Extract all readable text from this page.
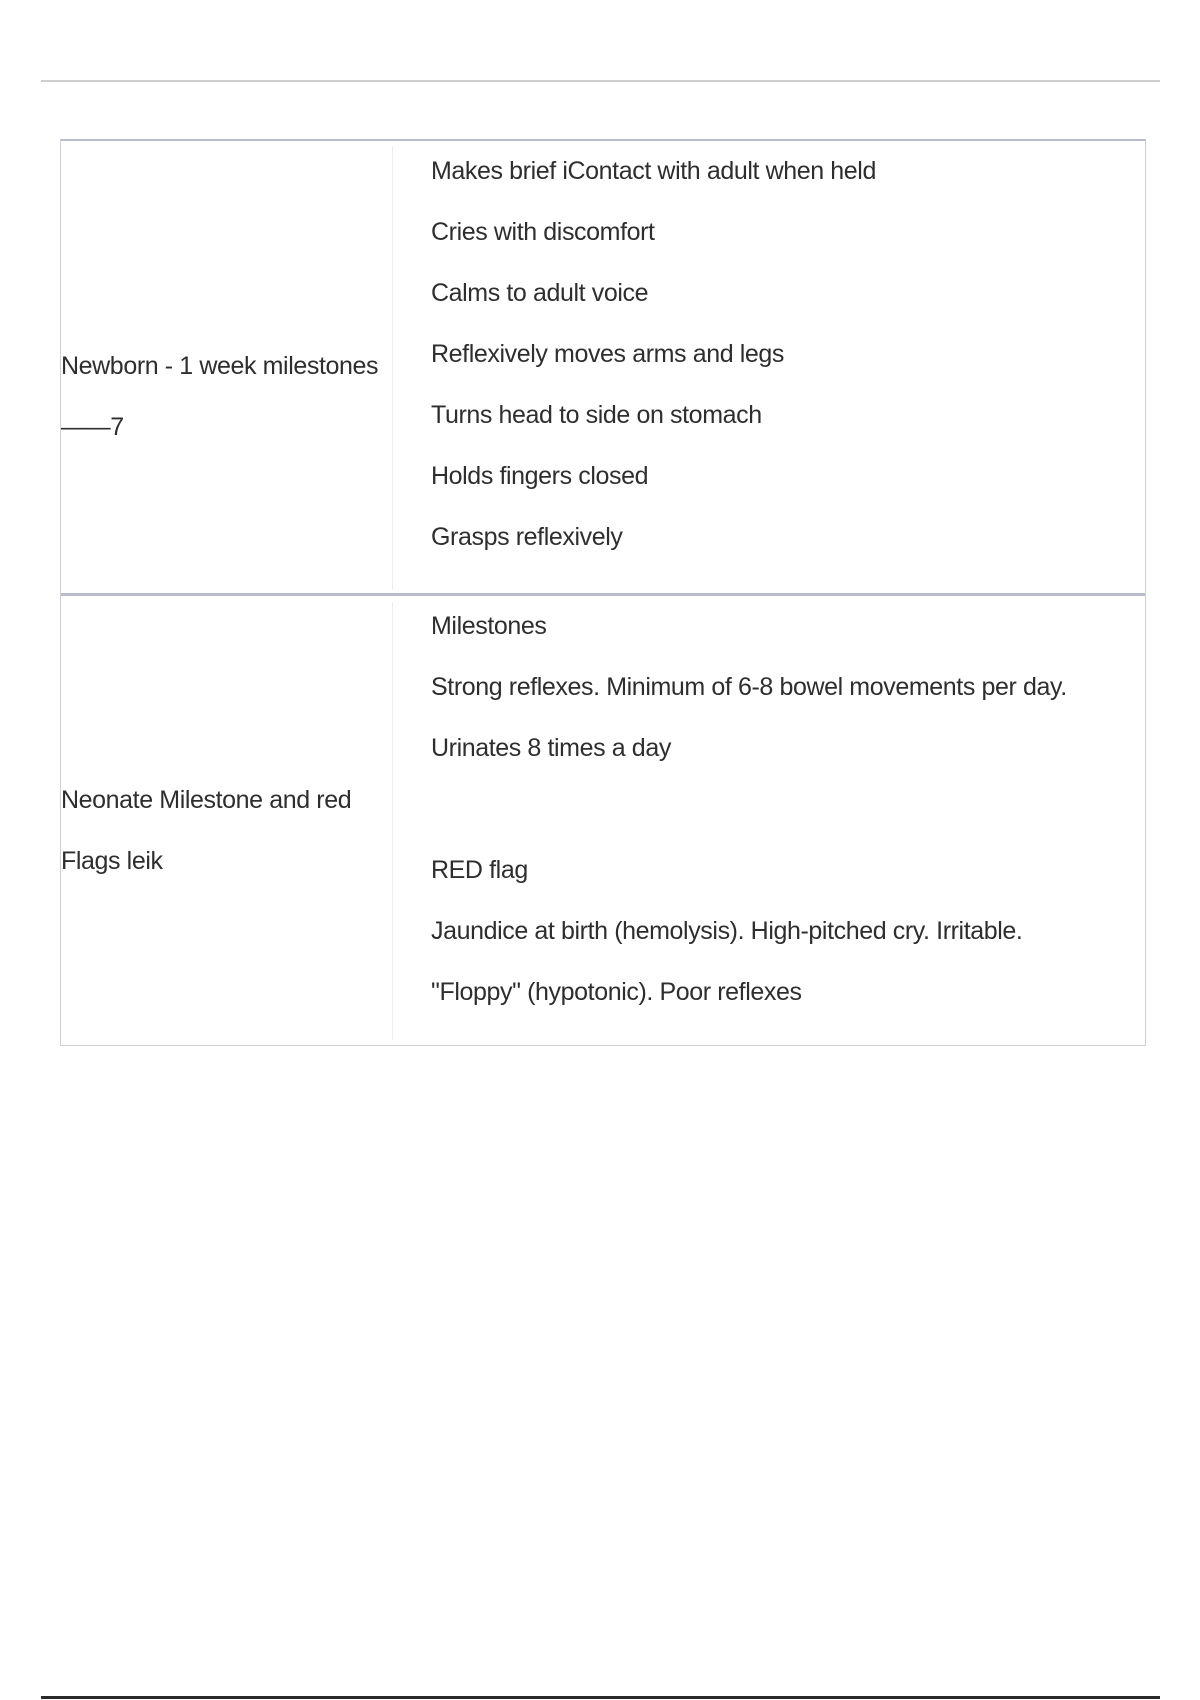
Newborn - 1 week milestones ——7
Makes brief iContact with adult when held
Cries with discomfort
Calms to adult voice
Reflexively moves arms and legs
Turns head to side on stomach
Holds fingers closed
Grasps reflexively
Neonate Milestone and red Flags leik
Milestones
Strong reflexes. Minimum of 6-8 bowel movements per day. Urinates 8 times a day
RED flag
Jaundice at birth (hemolysis). High-pitched cry. Irritable. "Floppy" (hypotonic). Poor reflexes
